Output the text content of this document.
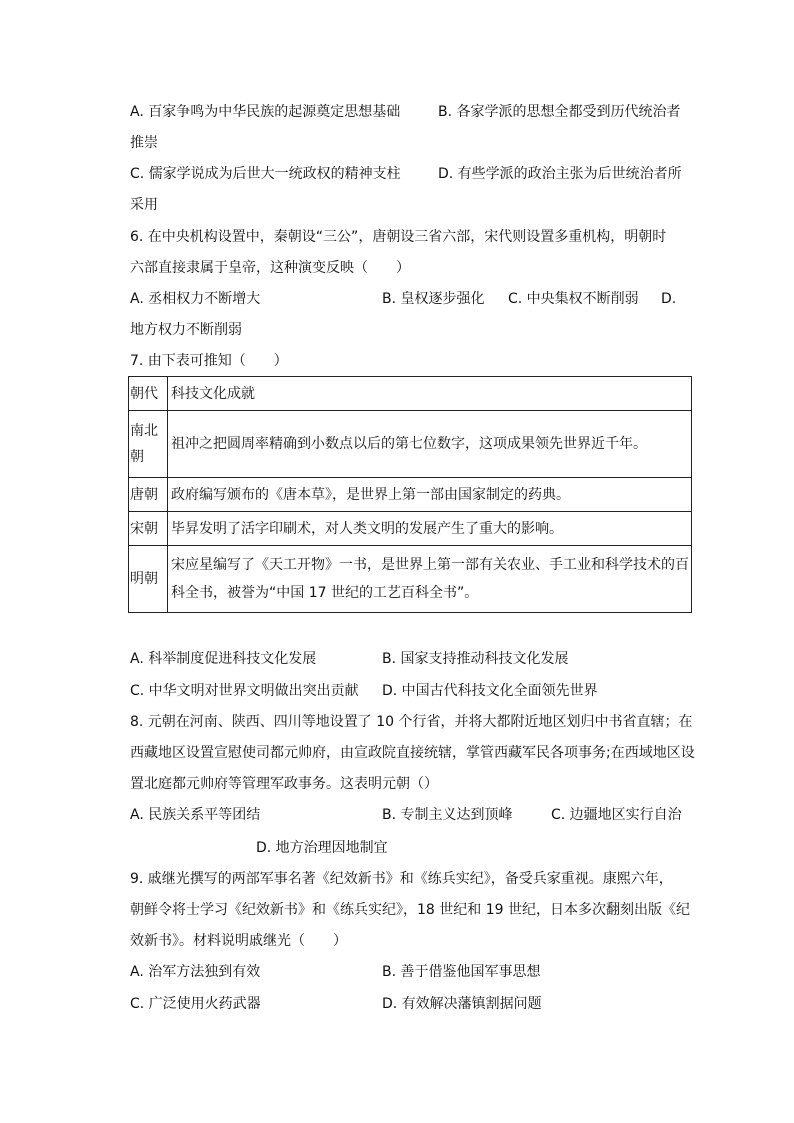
A. 百家争鸣为中华民族的起源奠定思想基础	B. 各家学派的思想全都受到历代统治者
推崇
C. 儒家学说成为后世大一统政权的精神支柱	D. 有些学派的政治主张为后世统治者所
采用
6. 在中央机构设置中，秦朝设“三公”，唐朝设三省六部，宋代则设置多重机构，明朝时
六部直接隶属于皇帝，这种演变反映（　　）
A. 丞相权力不断增大	B. 皇权逐步强化 C. 中央集权不断削弱 D.
地方权力不断削弱
7. 由下表可推知（　　）
朝代	科技文化成就

南北
朝	祖冲之把圆周率精确到小数点以后的第七位数字，这项成果领先世界近千年。
唐朝	政府编写颁布的《唐本草》，是世界上第一部由国家制定的药典。
宋朝	毕昇发明了活字印刷术，对人类文明的发展产生了重大的影响。
明朝	宋应星编写了《天工开物》一书，是世界上第一部有关农业、手工业和科学技术的百
科全书，被誉为“中国 17 世纪的工艺百科全书”。
A. 科举制度促进科技文化发展	B. 国家支持推动科技文化发展
C. 中华文明对世界文明做出突出贡献 D. 中国古代科技文化全面领先世界
8. 元朝在河南、陕西、四川等地设置了 10 个行省，并将大都附近地区划归中书省直辖；在
西藏地区设置宣慰使司都元帅府，由宣政院直接统辖，掌管西藏军民各项事务;在西域地区设
置北庭都元帅府等管理军政事务。这表明元朝（）
A. 民族关系平等团结	B. 专制主义达到顶峰	C. 边疆地区实行自治
D. 地方治理因地制宜
9. 戚继光撰写的两部军事名著《纪效新书》和《练兵实纪》，备受兵家重视。康熙六年，
朝鲜令将士学习《纪效新书》和《练兵实纪》，18 世纪和 19 世纪，日本多次翻刻出版《纪
效新书》。材料说明戚继光（　　）
A. 治军方法独到有效	B. 善于借鉴他国军事思想
C. 广泛使用火药武器	D. 有效解决藩镇割据问题
